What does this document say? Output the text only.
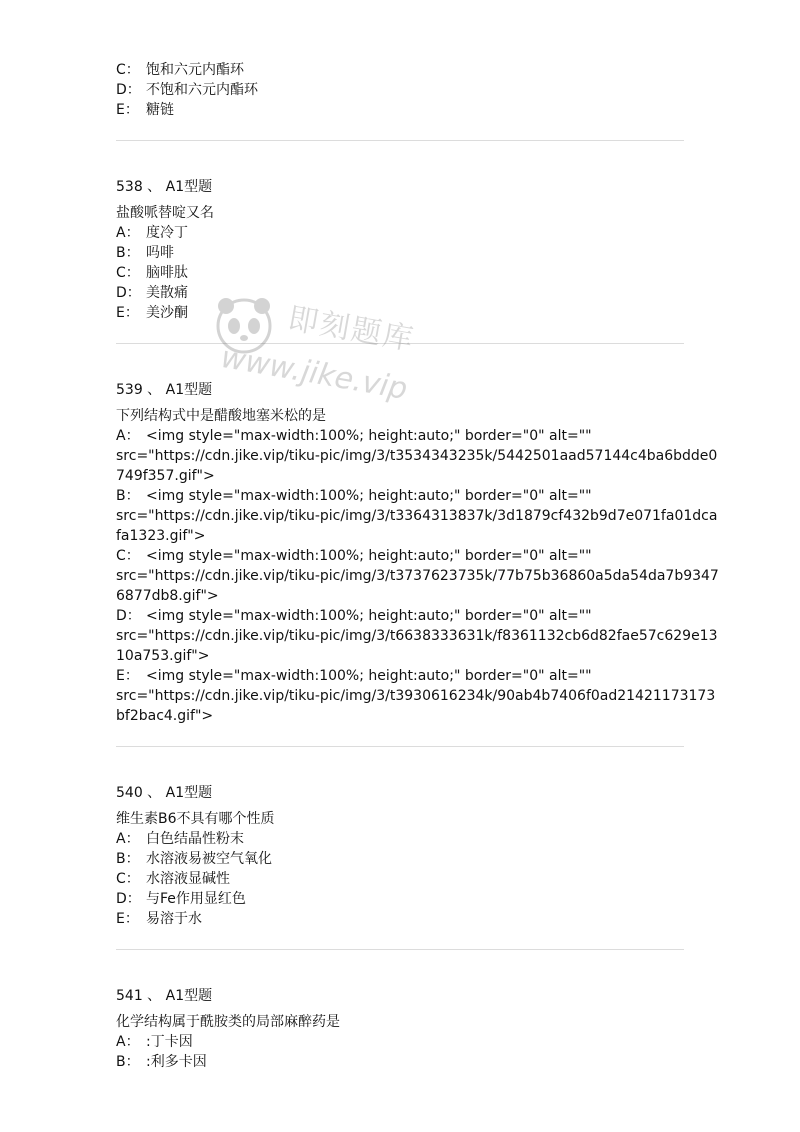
C： 饱和六元内酯环
D： 不饱和六元内酯环
E： 糖链
538 、 A1型题
盐酸哌替啶又名
A： 度冷丁
B： 吗啡
C： 脑啡肽
D： 美散痛
E： 美沙酮
539 、 A1型题
下列结构式中是醋酸地塞米松的是
A： <img style="max-width:100%; height:auto;" border="0" alt=""
src="https://cdn.jike.vip/tiku-pic/img/3/t3534343235k/5442501aad57144c4ba6bdde0
749f357.gif">
B： <img style="max-width:100%; height:auto;" border="0" alt=""
src="https://cdn.jike.vip/tiku-pic/img/3/t3364313837k/3d1879cf432b9d7e071fa01dca
fa1323.gif">
C： <img style="max-width:100%; height:auto;" border="0" alt=""
src="https://cdn.jike.vip/tiku-pic/img/3/t3737623735k/77b75b36860a5da54da7b9347
6877db8.gif">
D： <img style="max-width:100%; height:auto;" border="0" alt=""
src="https://cdn.jike.vip/tiku-pic/img/3/t6638333631k/f8361132cb6d82fae57c629e13
10a753.gif">
E： <img style="max-width:100%; height:auto;" border="0" alt=""
src="https://cdn.jike.vip/tiku-pic/img/3/t3930616234k/90ab4b7406f0ad21421173173
bf2bac4.gif">
540 、 A1型题
维生素B6不具有哪个性质
A： 白色结晶性粉末
B： 水溶液易被空气氧化
C： 水溶液显碱性
D： 与Fe作用显红色
E： 易溶于水
541 、 A1型题
化学结构属于酰胺类的局部麻醉药是
A： :丁卡因
B： :利多卡因
即刻题库
www.jike.vip
